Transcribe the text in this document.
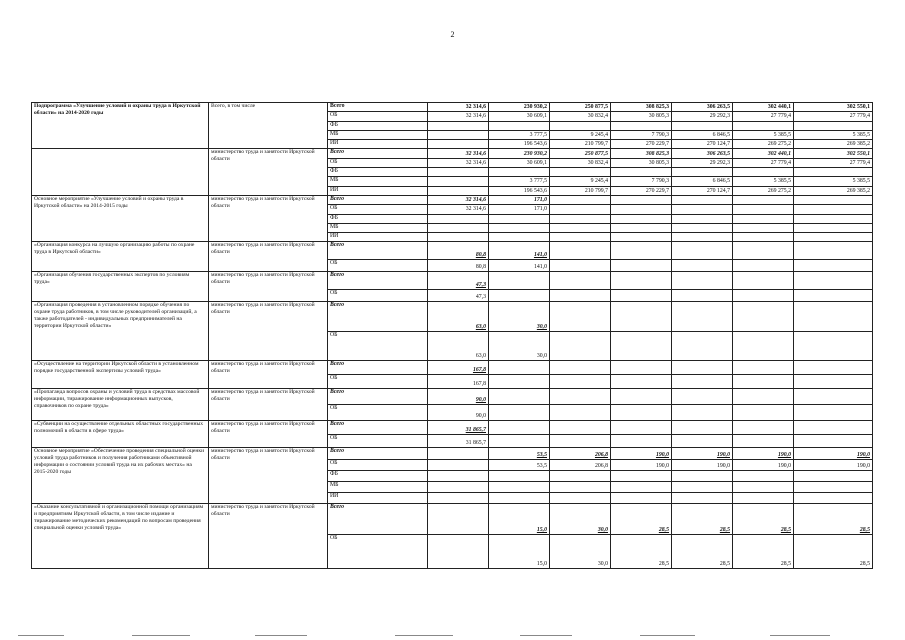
2
Подпрограмма «Улучшение условий и охраны труда в Иркутской области» на 2014-2020 годы	Всего, в том числе	Всего	32 314,6	230 930,2	250 877,5	308 825,3	306 263,5	302 440,1	302 550,1
		ОБ	32 314,6	30 609,1	30 832,4	30 805,3	29 292,3	27 779,4	27 779,4
		ФБ							
		МБ		3 777,5	9 245,4	7 790,3	6 846,5	5 385,5	5 385,5
		ИИ		196 543,6	210 799,7	270 229,7	270 124,7	269 275,2	269 385,2
	министерство труда и занятости Иркутской области	Всего	32 314,6	230 930,2	250 877,5	308 825,3	306 263,5	302 440,1	302 550,1
		ОБ	32 314,6	30 609,1	30 832,4	30 805,3	29 292,3	27 779,4	27 779,4
		ФБ							
		МБ		3 777,5	9 245,4	7 790,3	6 846,5	5 385,5	5 385,5
		ИИ		196 543,6	210 799,7	270 229,7	270 124,7	269 275,2	269 385,2
Основное мероприятие «Улучшение условий и охраны труда в Иркутской области» на 2014-2015 годы	министерство труда и занятости Иркутской области	Всего	32 314,6	171,0					
		ОБ	32 314,6	171,0					
		ФБ							
		МБ							
		ИИ							
«Организация конкурса на лучшую организацию работы по охране труда в Иркутской области»	министерство труда и занятости Иркутской области	Всего	80,8	141,0					
		ОБ	80,8	141,0					
«Организация обучения государственных экспертов по условиям труда»	министерство труда и занятости Иркутской области	Всего	47,3						
		ОБ	47,3						
«Организация проведения в установленном порядке обучения по охране труда работников, в том числе руководителей организаций, а также работодателей - индивидуальных предпринимателей на территории Иркутской области»	министерство труда и занятости Иркутской области	Всего	63,0	30,0					
		ОБ	63,0	30,0					
«Осуществление на территории Иркутской области в установленном порядке государственной экспертизы условий труда»	министерство труда и занятости Иркутской области	Всего	167,8						
		ОБ	167,8						
«Пропаганда вопросов охраны и условий труда в средствах массовой информации, тиражирование информационных выпусков, справочников по охране труда»	министерство труда и занятости Иркутской области	Всего	90,0						
		ОБ	90,0						
«Субвенции на осуществление отдельных областных государственных полномочий в области в сфере труда»	министерство труда и занятости Иркутской области	Всего	31 865,7						
		ОБ	31 865,7						
Основное мероприятие «Обеспечение проведения специальной оценки условий труда работников и получения работниками объективной информации о состоянии условий труда на их рабочих местах» на 2015-2020 годы	министерство труда и занятости Иркутской области	Всего		53,5	206,8	190,0	190,0	190,0	190,0
		ОБ		53,5	206,8	190,0	190,0	190,0	190,0
		ФБ							
		МБ							
		ИИ							
«Оказание консультативной и организационной помощи организациям и предприятиям Иркутской области, в том числе издание и тиражирование методических рекомендаций по вопросам проведения специальной оценки условий труда»	министерство труда и занятости Иркутской области	Всего		15,0	30,0	28,5	28,5	28,5	28,5
		ОБ		15,0	30,0	28,5	28,5	28,5	28,5
